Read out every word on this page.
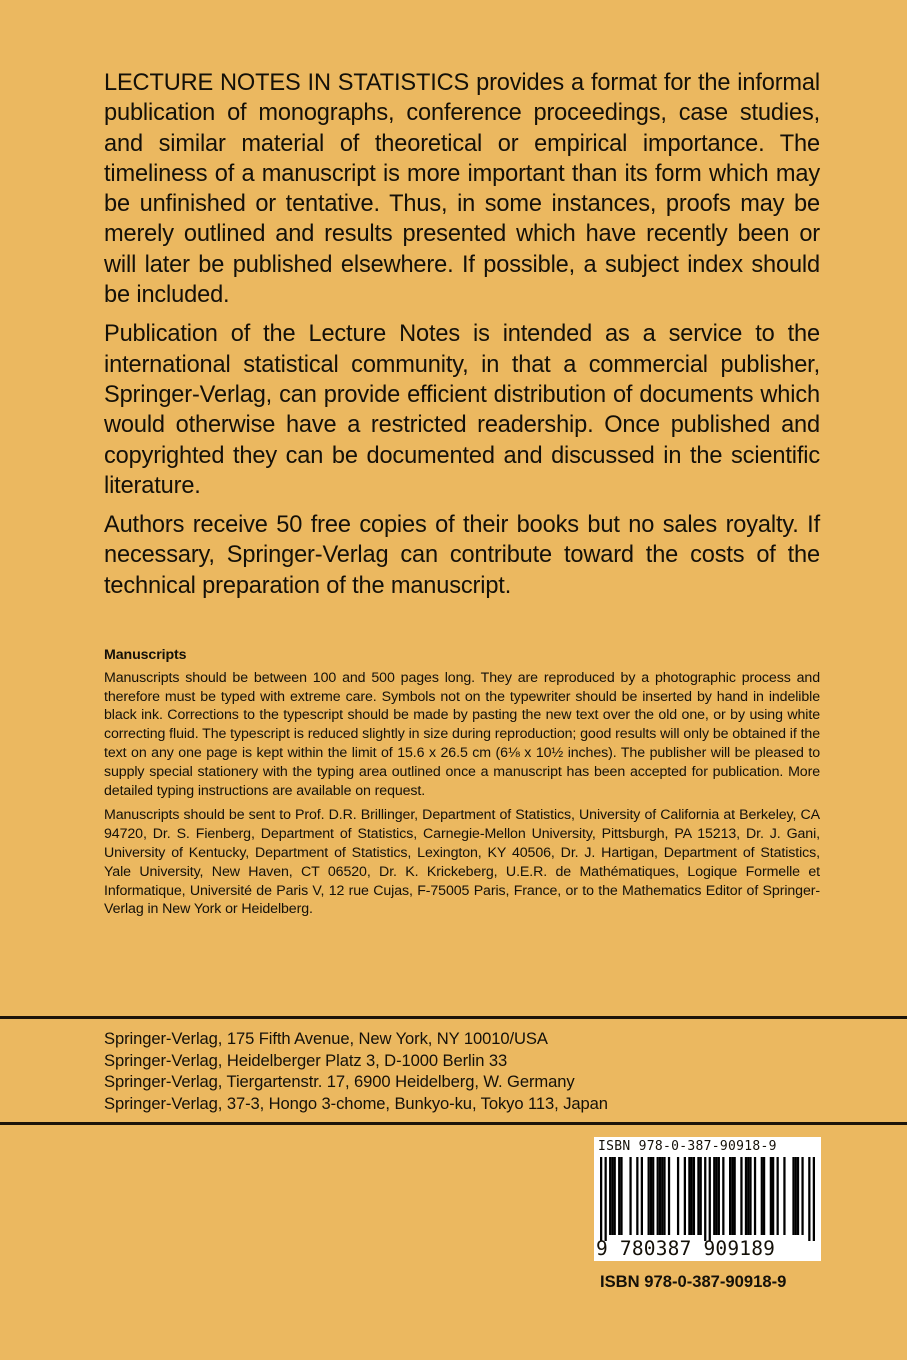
LECTURE NOTES IN STATISTICS provides a format for the informal publication of monographs, conference proceedings, case studies, and similar material of theoretical or empirical importance. The timeliness of a manuscript is more important than its form which may be unfinished or tentative. Thus, in some instances, proofs may be merely outlined and results presented which have recently been or will later be published elsewhere. If possible, a subject index should be included.

Publication of the Lecture Notes is intended as a service to the international statistical community, in that a commercial publisher, Springer-Verlag, can provide efficient distribution of documents which would otherwise have a restricted readership. Once published and copyrighted they can be documented and discussed in the scientific literature.

Authors receive 50 free copies of their books but no sales royalty. If necessary, Springer-Verlag can contribute toward the costs of the technical preparation of the manuscript.

Manuscripts

Manuscripts should be between 100 and 500 pages long. They are reproduced by a photographic process and therefore must be typed with extreme care. Symbols not on the typewriter should be inserted by hand in indelible black ink. Corrections to the typescript should be made by pasting the new text over the old one, or by using white correcting fluid. The typescript is reduced slightly in size during reproduction; good results will only be obtained if the text on any one page is kept within the limit of 15.6 x 26.5 cm (6⅛ x 10½ inches). The publisher will be pleased to supply special stationery with the typing area outlined once a manuscript has been accepted for publication. More detailed typing instructions are available on request.

Manuscripts should be sent to Prof. D.R. Brillinger, Department of Statistics, University of California at Berkeley, CA 94720, Dr. S. Fienberg, Department of Statistics, Carnegie-Mellon University, Pittsburgh, PA 15213, Dr. J. Gani, University of Kentucky, Department of Statistics, Lexington, KY 40506, Dr. J. Hartigan, Department of Statistics, Yale University, New Haven, CT 06520, Dr. K. Krickeberg, U.E.R. de Mathématiques, Logique Formelle et Informatique, Université de Paris V, 12 rue Cujas, F-75005 Paris, France, or to the Mathematics Editor of Springer-Verlag in New York or Heidelberg.

Springer-Verlag, 175 Fifth Avenue, New York, NY 10010/USA
Springer-Verlag, Heidelberger Platz 3, D-1000 Berlin 33
Springer-Verlag, Tiergartenstr. 17, 6900 Heidelberg, W. Germany
Springer-Verlag, 37-3, Hongo 3-chome, Bunkyo-ku, Tokyo 113, Japan
ISBN 978-0-387-90918-9
9 780387 909189
ISBN 978-0-387-90918-9
